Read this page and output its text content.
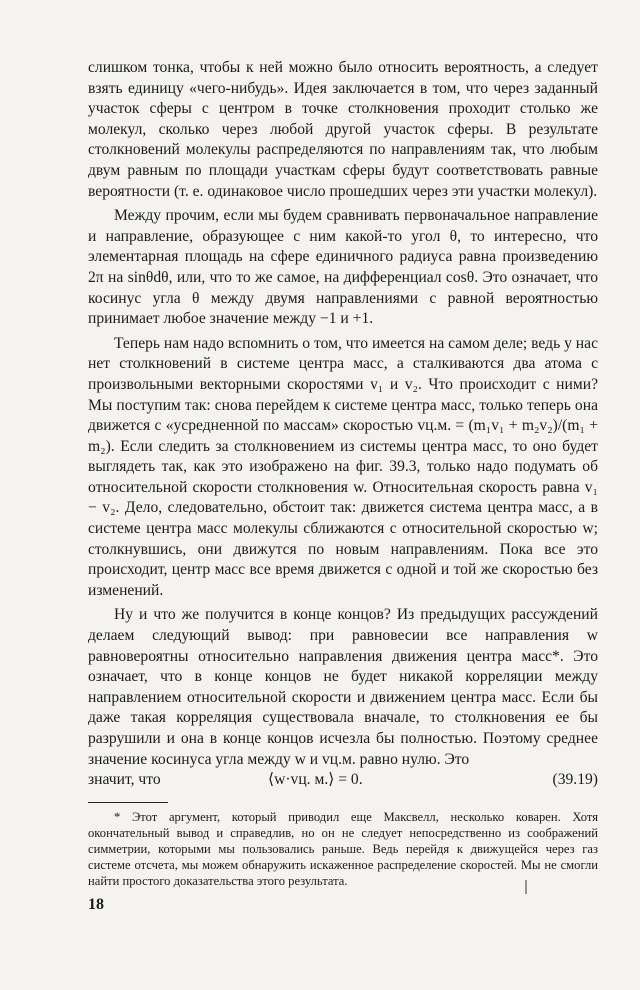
слишком тонка, чтобы к ней можно было относить вероятность, а следует взять единицу «чего-нибудь». Идея заключается в том, что через заданный участок сферы с центром в точке столкновения проходит столько же молекул, сколько через любой другой участок сферы. В результате столкновений молекулы распределяются по направлениям так, что любым двум равным по площади участкам сферы будут соответствовать равные вероятности (т. е. одинаковое число прошедших через эти участки молекул).

Между прочим, если мы будем сравнивать первоначальное направление и направление, образующее с ним какой-то угол θ, то интересно, что элементарная площадь на сфере единичного радиуса равна произведению 2π на sinθdθ, или, что то же самое, на дифференциал cosθ. Это означает, что косинус угла θ между двумя направлениями с равной вероятностью принимает любое значение между −1 и +1.

Теперь нам надо вспомнить о том, что имеется на самом деле; ведь у нас нет столкновений в системе центра масс, а сталкиваются два атома с произвольными векторными скоростями v₁ и v₂. Что происходит с ними? Мы поступим так: снова перейдем к системе центра масс, только теперь она движется с «усредненной по массам» скоростью vц.м. = (m₁v₁ + m₂v₂)/(m₁ + m₂). Если следить за столкновением из системы центра масс, то оно будет выглядеть так, как это изображено на фиг. 39.3, только надо подумать об относительной скорости столкновения w. Относительная скорость равна v₁ − v₂. Дело, следовательно, обстоит так: движется система центра масс, а в системе центра масс молекулы сближаются с относительной скоростью w; столкнувшись, они движутся по новым направлениям. Пока все это происходит, центр масс все время движется с одной и той же скоростью без изменений.

Ну и что же получится в конце концов? Из предыдущих рассуждений делаем следующий вывод: при равновесии все направления w равновероятны относительно направления движения центра масс*. Это означает, что в конце концов не будет никакой корреляции между направлением относительной скорости и движением центра масс. Если бы даже такая корреляция существовала вначале, то столкновения ее бы разрушили и она в конце концов исчезла бы полностью. Поэтому среднее значение косинуса угла между w и vц.м. равно нулю. Это

значит, что	⟨w·vц. м.⟩ = 0.	(39.19)

* Этот аргумент, который приводил еще Максвелл, несколько коварен. Хотя окончательный вывод и справедлив, но он не следует непосредственно из соображений симметрии, которыми мы пользовались раньше. Ведь перейдя к движущейся через газ системе отсчета, мы можем обнаружить искаженное распределение скоростей. Мы не смогли найти простого доказательства этого результата.

18
